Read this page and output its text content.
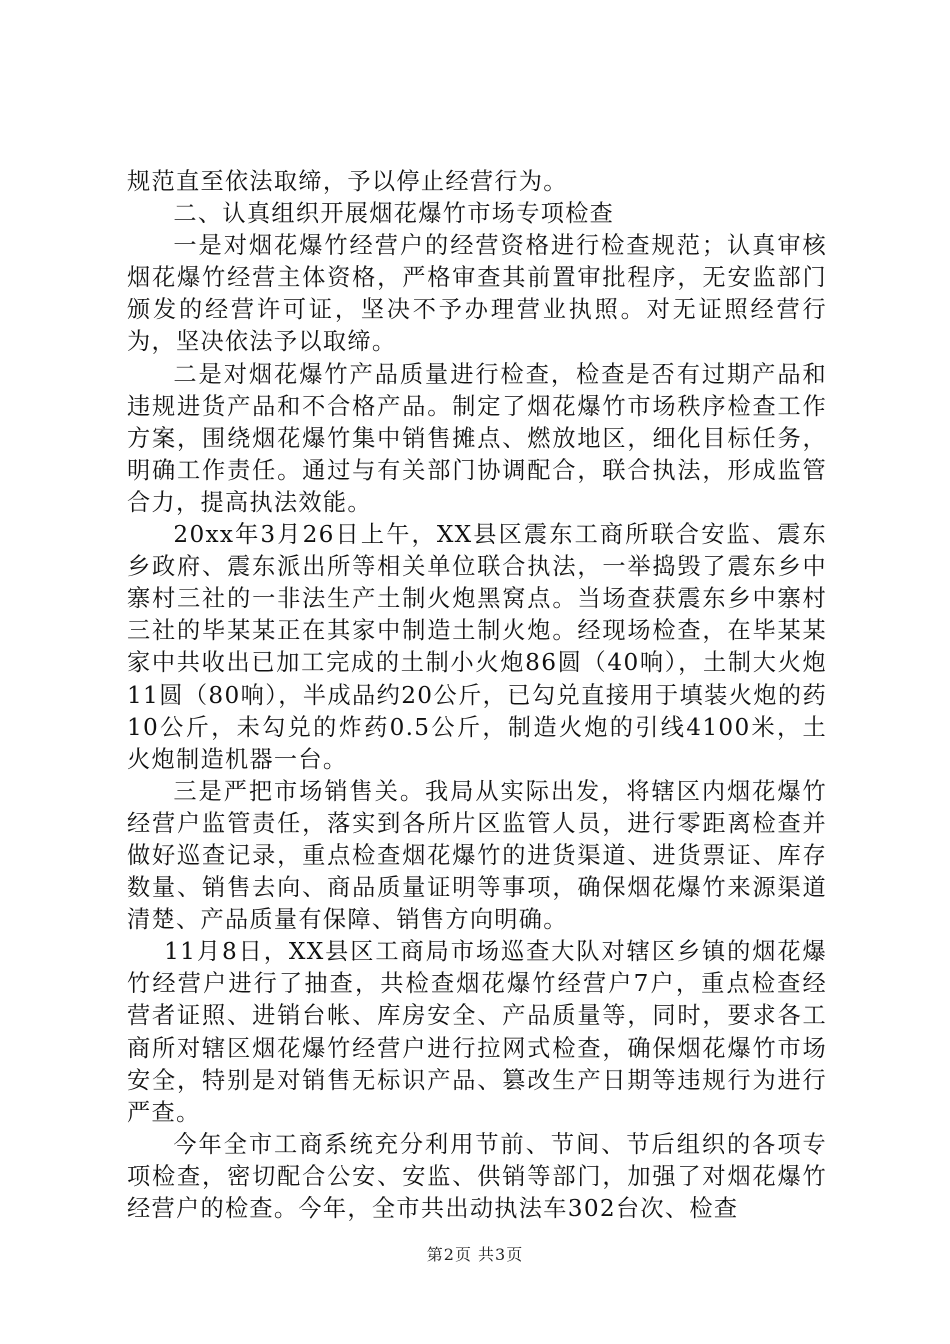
规范直至依法取缔，予以停止经营行为。

二、认真组织开展烟花爆竹市场专项检查

一是对烟花爆竹经营户的经营资格进行检查规范；认真审核烟花爆竹经营主体资格，严格审查其前置审批程序，无安监部门颁发的经营许可证，坚决不予办理营业执照。对无证照经营行为，坚决依法予以取缔。

二是对烟花爆竹产品质量进行检查，检查是否有过期产品和违规进货产品和不合格产品。制定了烟花爆竹市场秩序检查工作方案，围绕烟花爆竹集中销售摊点、燃放地区，细化目标任务，明确工作责任。通过与有关部门协调配合，联合执法，形成监管合力，提高执法效能。

20xx年3月26日上午，XX县区震东工商所联合安监、震东乡政府、震东派出所等相关单位联合执法，一举捣毁了震东乡中寨村三社的一非法生产土制火炮黑窝点。当场查获震东乡中寨村三社的毕某某正在其家中制造土制火炮。经现场检查，在毕某某家中共收出已加工完成的土制小火炮86圆（40响），土制大火炮11圆（80响），半成品约20公斤，已勾兑直接用于填装火炮的药10公斤，未勾兑的炸药0.5公斤，制造火炮的引线4100米，土火炮制造机器一台。

三是严把市场销售关。我局从实际出发，将辖区内烟花爆竹经营户监管责任，落实到各所片区监管人员，进行零距离检查并做好巡查记录，重点检查烟花爆竹的进货渠道、进货票证、库存数量、销售去向、商品质量证明等事项，确保烟花爆竹来源渠道清楚、产品质量有保障、销售方向明确。

11月8日，XX县区工商局市场巡查大队对辖区乡镇的烟花爆竹经营户进行了抽查，共检查烟花爆竹经营户7户，重点检查经营者证照、进销台帐、库房安全、产品质量等，同时，要求各工商所对辖区烟花爆竹经营户进行拉网式检查，确保烟花爆竹市场安全，特别是对销售无标识产品、篡改生产日期等违规行为进行严查。

今年全市工商系统充分利用节前、节间、节后组织的各项专项检查，密切配合公安、安监、供销等部门，加强了对烟花爆竹经营户的检查。今年，全市共出动执法车302台次、检查

第2页 共3页
